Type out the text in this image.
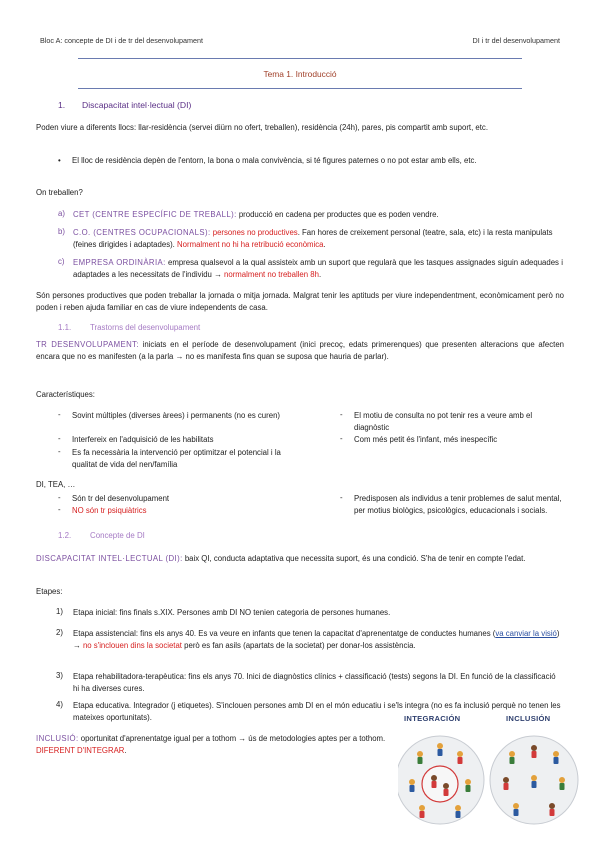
Bloc A: concepte de DI i de tr del desenvolupament	DI i tr del desenvolupament
Tema 1. Introducció
1. Discapacitat intel·lectual (DI)
Poden viure a diferents llocs: llar-residència (servei diürn no ofert, treballen), residència (24h), pares, pis compartit amb suport, etc.
• El lloc de residència depèn de l'entorn, la bona o mala convivència, si té figures paternes o no pot estar amb ells, etc.
On treballen?
a) CET (CENTRE ESPECÍFIC DE TREBALL): producció en cadena per productes que es poden vendre.
b) C.O. (CENTRES OCUPACIONALS): persones no productives. Fan hores de creixement personal (teatre, sala, etc) i la resta manipulats (feines dirigides i adaptades). Normalment no hi ha retribució econòmica.
c) EMPRESA ORDINÀRIA: empresa qualsevol a la qual assisteix amb un suport que regularà que les tasques assignades siguin adequades i adaptades a les necessitats de l'individu → normalment no treballen 8h.
Són persones productives que poden treballar la jornada o mitja jornada. Malgrat tenir les aptituds per viure independentment, econòmicament però no poden i reben ajuda familiar en cas de viure independents de casa.
1.1. Trastorns del desenvolupament
TR DESENVOLUPAMENT: iniciats en el període de desenvolupament (inici precoç, edats primerenques) que presenten alteracions que afecten encara que no es manifesten (a la parla → no es manifesta fins quan se suposa que hauria de parlar).
Característiques:
- Sovint múltiples (diverses àrees) i permanents (no es curen)
- Interfereix en l'adquisició de les habilitats
- Es fa necessària la intervenció per optimitzar el potencial i la qualitat de vida del nen/família
- El motiu de consulta no pot tenir res a veure amb el diagnòstic
- Com més petit és l'infant, més inespecífic
DI, TEA, …
- Són tr del desenvolupament
- NO són tr psiquiàtrics
- Predisposen als individus a tenir problemes de salut mental, per motius biològics, psicològics, educacionals i socials.
1.2. Concepte de DI
DISCAPACITAT INTEL·LECTUAL (DI): baix QI, conducta adaptativa que necessita suport, és una condició. S'ha de tenir en compte l'edat.
Etapes:
1) Etapa inicial: fins finals s.XIX. Persones amb DI NO tenien categoria de persones humanes.
2) Etapa assistencial: fins els anys 40. Es va veure en infants que tenen la capacitat d'aprenentatge de conductes humanes (va canviar la visió) → no s'inclouen dins la societat però es fan asils (apartats de la societat) per donar-los assistència.
3) Etapa rehabilitadora-terapèutica: fins els anys 70. Inici de diagnòstics clínics + classificació (tests) segons la DI. En funció de la classificació hi ha diverses cures.
4) Etapa educativa. Integrador (j etiquetes). S'inclouen persones amb DI en el món educatiu i se'ls integra (no es fa inclusió perquè no tenen les mateixes oportunitats).
INCLUSIÓ: oportunitat d'aprenentatge igual per a tothom → ús de metodologies aptes per a tothom. DIFERENT D'INTEGRAR.
INTEGRACIÓN	INCLUSIÓN
